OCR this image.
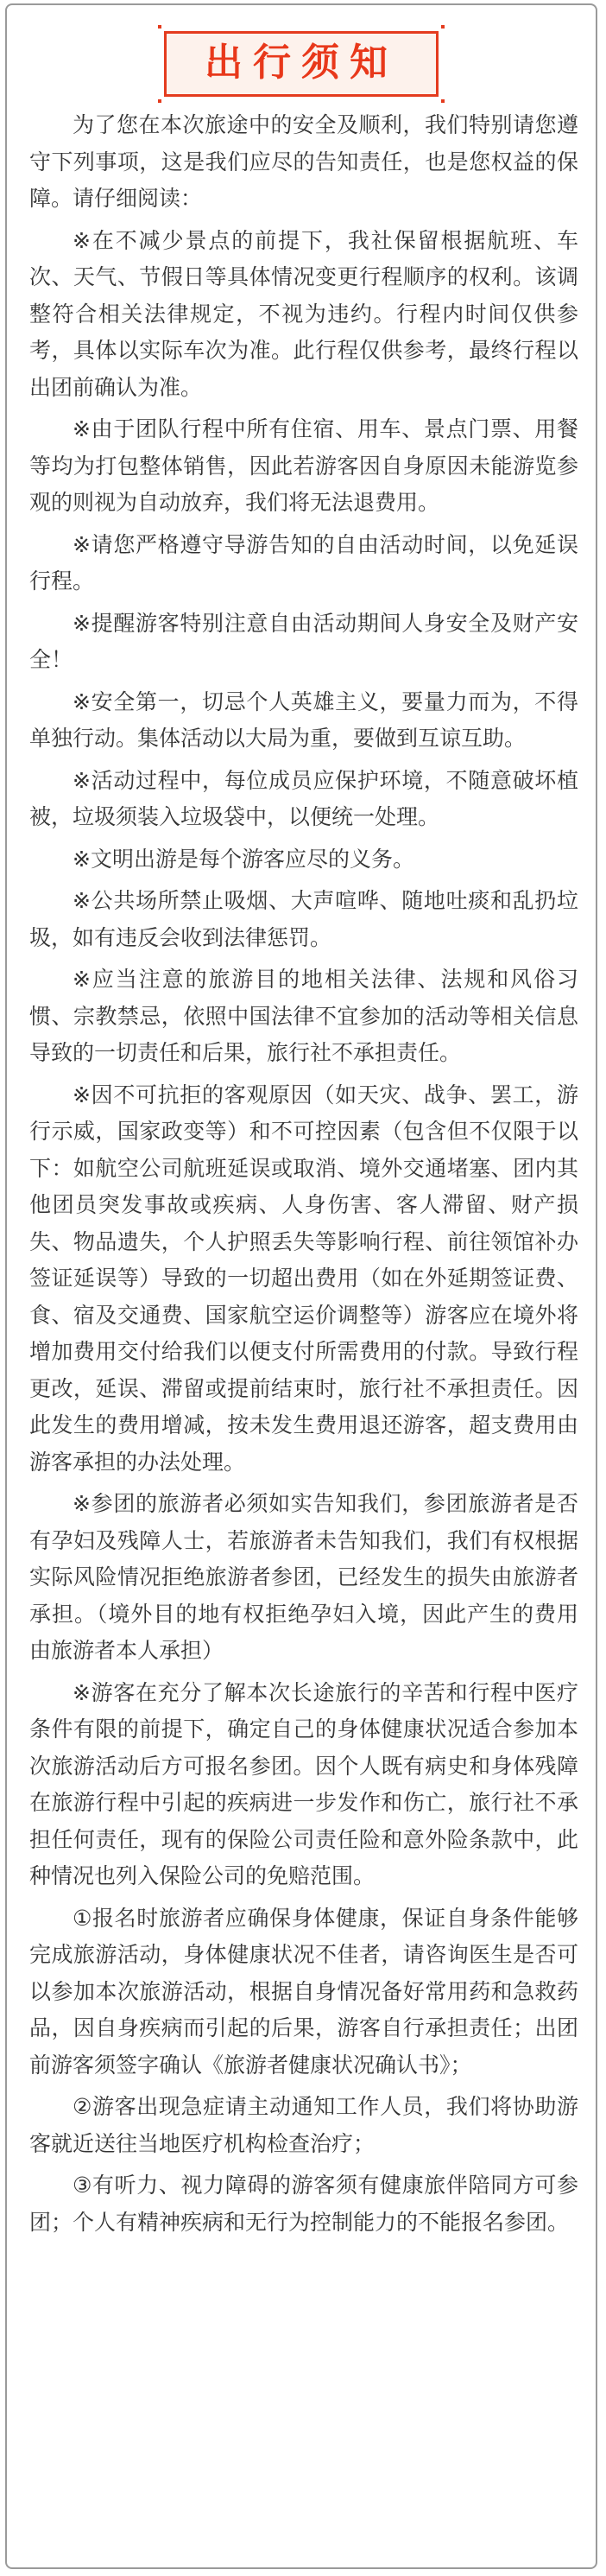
出行须知

为了您在本次旅途中的安全及顺利，我们特别请您遵守下列事项，这是我们应尽的告知责任，也是您权益的保障。请仔细阅读：

※在不减少景点的前提下，我社保留根据航班、车次、天气、节假日等具体情况变更行程顺序的权利。该调整符合相关法律规定，不视为违约。行程内时间仅供参考，具体以实际车次为准。此行程仅供参考，最终行程以出团前确认为准。

※由于团队行程中所有住宿、用车、景点门票、用餐等均为打包整体销售，因此若游客因自身原因未能游览参观的则视为自动放弃，我们将无法退费用。

※请您严格遵守导游告知的自由活动时间，以免延误行程。

※提醒游客特别注意自由活动期间人身安全及财产安全！

※安全第一，切忌个人英雄主义，要量力而为，不得单独行动。集体活动以大局为重，要做到互谅互助。

※活动过程中，每位成员应保护环境，不随意破坏植被，垃圾须装入垃圾袋中，以便统一处理。

※文明出游是每个游客应尽的义务。

※公共场所禁止吸烟、大声喧哗、随地吐痰和乱扔垃圾，如有违反会收到法律惩罚。

※应当注意的旅游目的地相关法律、法规和风俗习惯、宗教禁忌，依照中国法律不宜参加的活动等相关信息导致的一切责任和后果，旅行社不承担责任。

※因不可抗拒的客观原因（如天灾、战争、罢工，游行示威，国家政变等）和不可控因素（包含但不仅限于以下：如航空公司航班延误或取消、境外交通堵塞、团内其他团员突发事故或疾病、人身伤害、客人滞留、财产损失、物品遗失，个人护照丢失等影响行程、前往领馆补办签证延误等）导致的一切超出费用（如在外延期签证费、食、宿及交通费、国家航空运价调整等）游客应在境外将增加费用交付给我们以便支付所需费用的付款。导致行程更改，延误、滞留或提前结束时，旅行社不承担责任。因此发生的费用增减，按未发生费用退还游客，超支费用由游客承担的办法处理。

※参团的旅游者必须如实告知我们，参团旅游者是否有孕妇及残障人士，若旅游者未告知我们，我们有权根据实际风险情况拒绝旅游者参团，已经发生的损失由旅游者承担。（境外目的地有权拒绝孕妇入境，因此产生的费用由旅游者本人承担）

※游客在充分了解本次长途旅行的辛苦和行程中医疗条件有限的前提下，确定自己的身体健康状况适合参加本次旅游活动后方可报名参团。因个人既有病史和身体残障在旅游行程中引起的疾病进一步发作和伤亡，旅行社不承担任何责任，现有的保险公司责任险和意外险条款中，此种情况也列入保险公司的免赔范围。

①报名时旅游者应确保身体健康，保证自身条件能够完成旅游活动，身体健康状况不佳者，请咨询医生是否可以参加本次旅游活动，根据自身情况备好常用药和急救药品，因自身疾病而引起的后果，游客自行承担责任；出团前游客须签字确认《旅游者健康状况确认书》；

②游客出现急症请主动通知工作人员，我们将协助游客就近送往当地医疗机构检查治疗；

③有听力、视力障碍的游客须有健康旅伴陪同方可参团；个人有精神疾病和无行为控制能力的不能报名参团。
